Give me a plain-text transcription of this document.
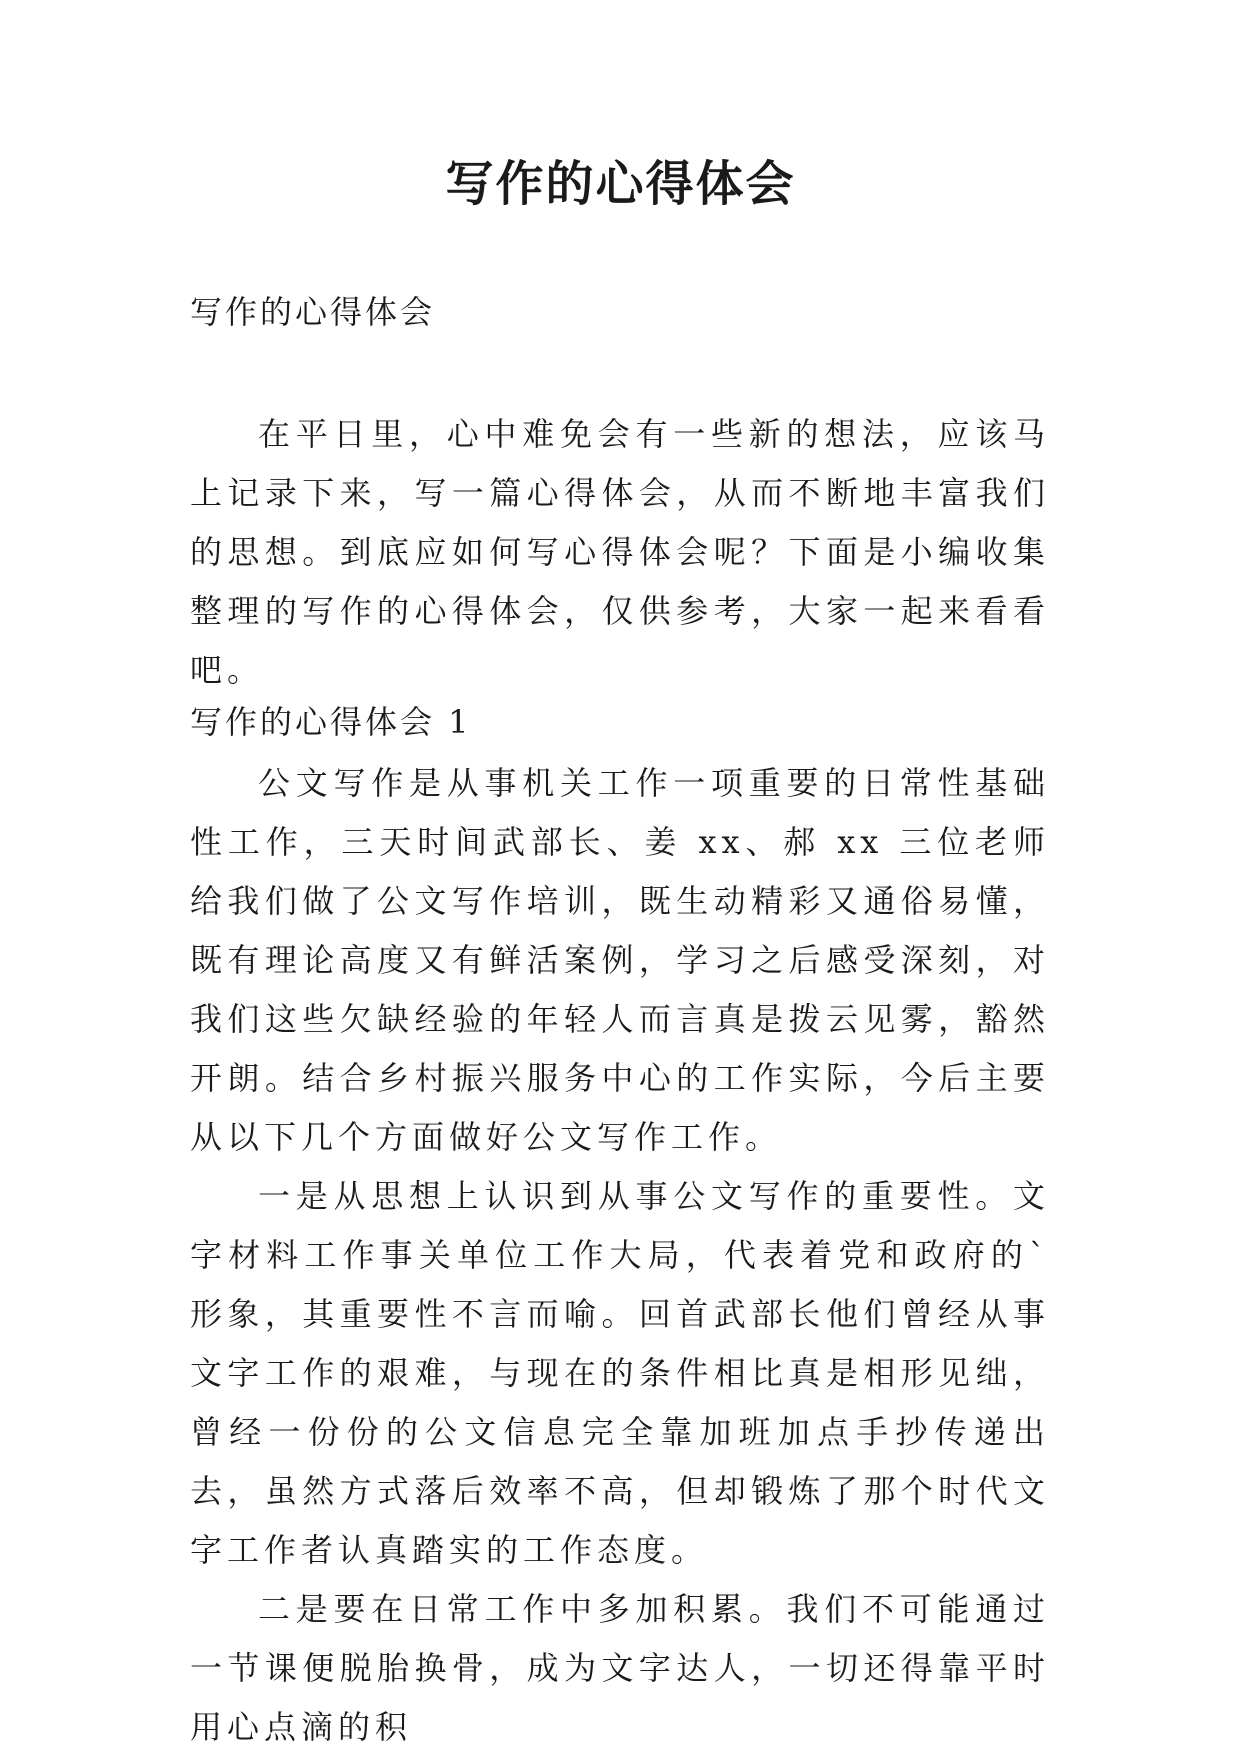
写作的心得体会
写作的心得体会

在平日里，心中难免会有一些新的想法，应该马上记录下来，写一篇心得体会，从而不断地丰富我们的思想。到底应如何写心得体会呢？下面是小编收集整理的写作的心得体会，仅供参考，大家一起来看看吧。

写作的心得体会 1

公文写作是从事机关工作一项重要的日常性基础性工作，三天时间武部长、姜 xx、郝 xx 三位老师给我们做了公文写作培训，既生动精彩又通俗易懂，既有理论高度又有鲜活案例，学习之后感受深刻，对我们这些欠缺经验的年轻人而言真是拨云见雾，豁然开朗。结合乡村振兴服务中心的工作实际，今后主要从以下几个方面做好公文写作工作。

一是从思想上认识到从事公文写作的重要性。文字材料工作事关单位工作大局，代表着党和政府的`形象，其重要性不言而喻。回首武部长他们曾经从事文字工作的艰难，与现在的条件相比真是相形见绌，曾经一份份的公文信息完全靠加班加点手抄传递出去，虽然方式落后效率不高，但却锻炼了那个时代文字工作者认真踏实的工作态度。

二是要在日常工作中多加积累。我们不可能通过一节课便脱胎换骨，成为文字达人，一切还得靠平时用心点滴的积
